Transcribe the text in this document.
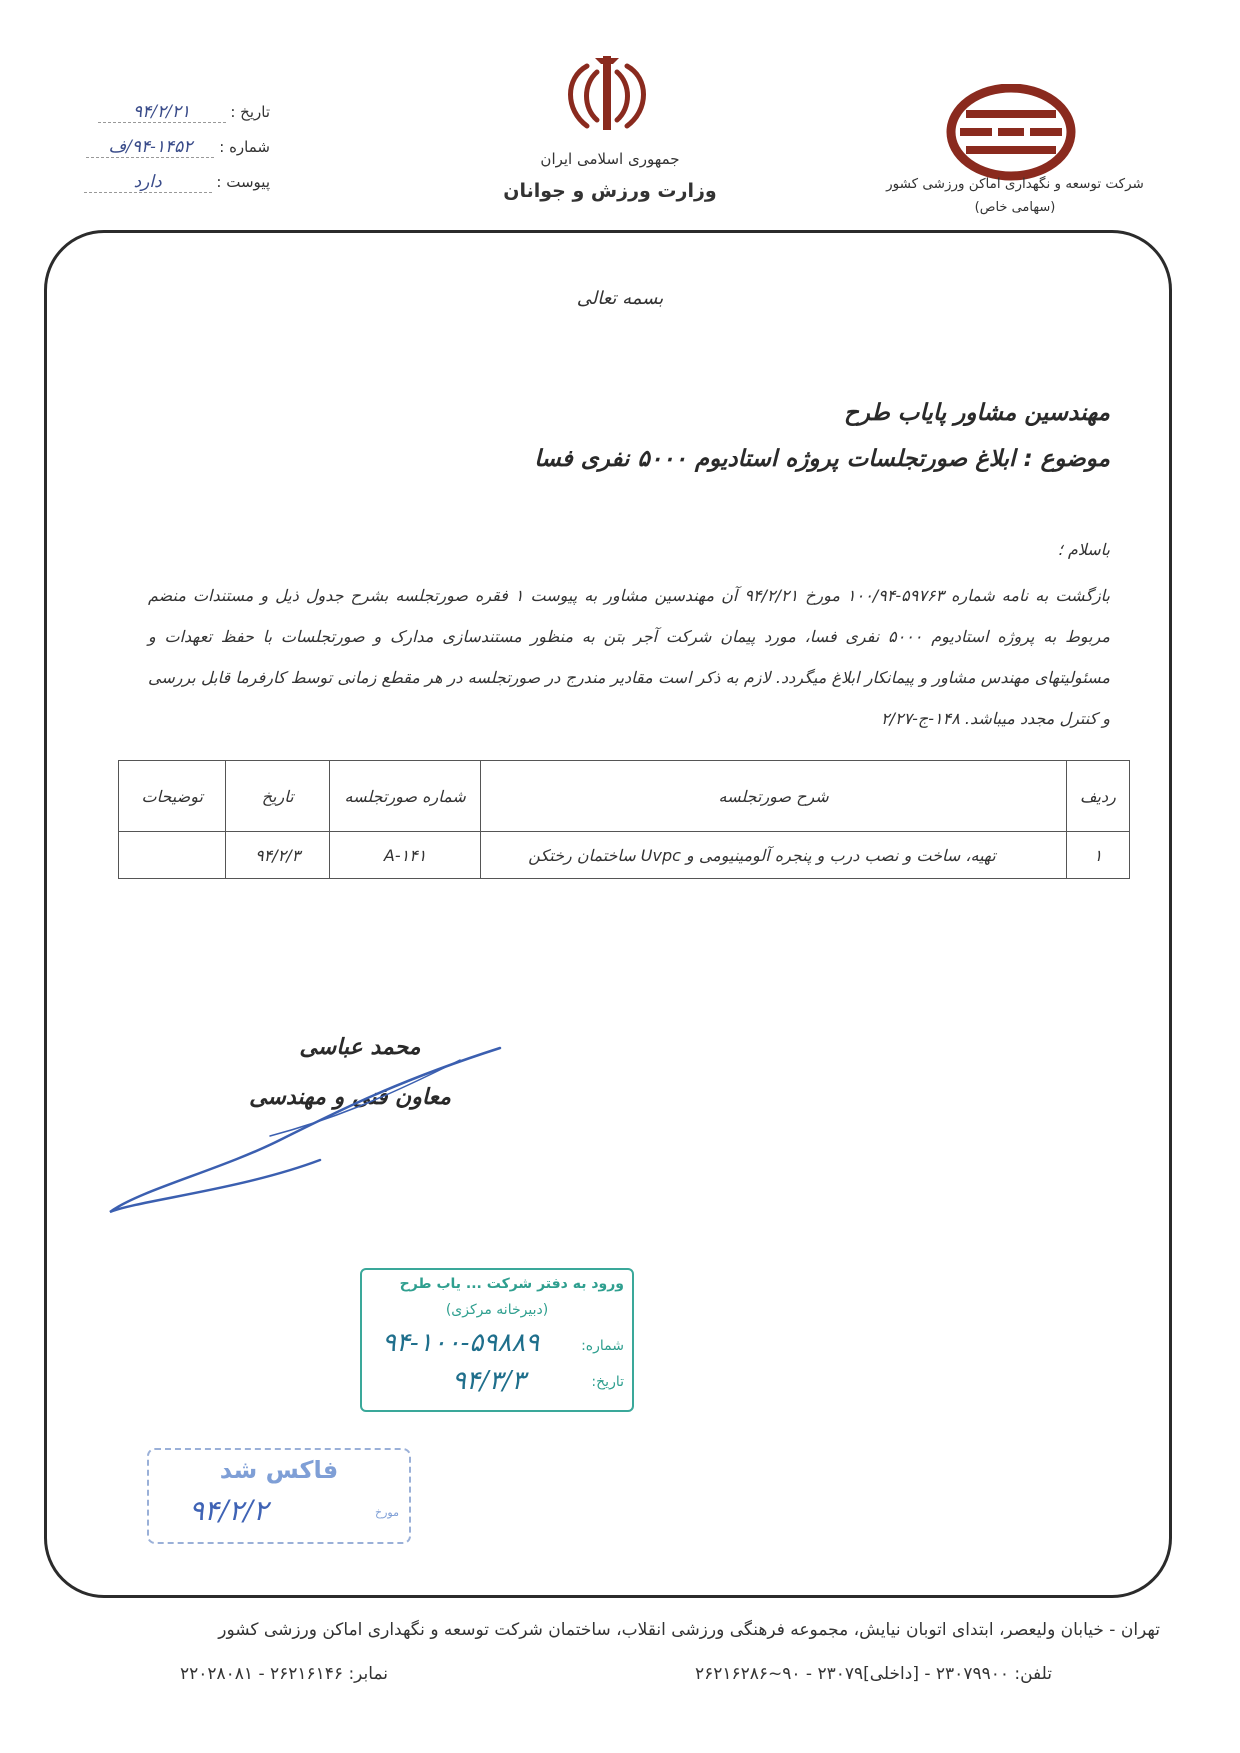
تاریخ : ۹۴/۲/۲۱
شماره : ۹۴-۱۴۵۲/ف
پیوست : دارد
جمهوری اسلامی ایران
وزارت ورزش و جوانان	شرکت توسعه و نگهداری اماکن ورزشی کشور
(سهامی خاص)
بسمه تعالی
مهندسین مشاور پایاب طرح
موضوع : ابلاغ صورتجلسات پروژه استادیوم ۵۰۰۰ نفری فسا
باسلام ؛
بازگشت به نامه شماره ۵۹۷۶۳-۱۰۰/۹۴ مورخ ۹۴/۲/۲۱ آن مهندسین مشاور به پیوست ۱ فقره صورتجلسه بشرح جدول ذیل و مستندات منضم مربوط به پروژه استادیوم ۵۰۰۰ نفری فسا، مورد پیمان شرکت آجر بتن به منظور مستندسازی مدارک و صورتجلسات با حفظ تعهدات و مسئولیتهای مهندس مشاور و پیمانکار ابلاغ میگردد. لازم به ذکر است مقادیر مندرج در صورتجلسه در هر مقطع زمانی توسط کارفرما قابل بررسی و کنترل مجدد میباشد. ۱۴۸-ج-۲/۲۷
ردیف	شرح صورتجلسه	شماره صورتجلسه	تاریخ	توضیحات
۱	تهیه، ساخت و نصب درب و پنجره آلومینیومی و Uvpc ساختمان رختکن	A-۱۴۱	۹۴/۲/۳	
محمد عباسی
معاون فنی و مهندسی
ورود به دفتر شرکت ... یاب طرح
(دبیرخانه مرکزی)
شماره:
۹۴-۱۰۰-۵۹۸۸۹
تاریخ:
۹۴/۳/۳
فاکس شد
مورخ
۹۴/۲/۲
تهران - خیابان ولیعصر، ابتدای اتوبان نیایش، مجموعه فرهنگی ورزشی انقلاب، ساختمان شرکت توسعه و نگهداری اماکن ورزشی کشور
تلفن: ۲۳۰۷۹۹۰۰ - [داخلی]۲۳۰۷۹ - ۹۰~۲۶۲۱۶۲۸۶
نمابر: ۲۶۲۱۶۱۴۶ - ۲۲۰۲۸۰۸۱
